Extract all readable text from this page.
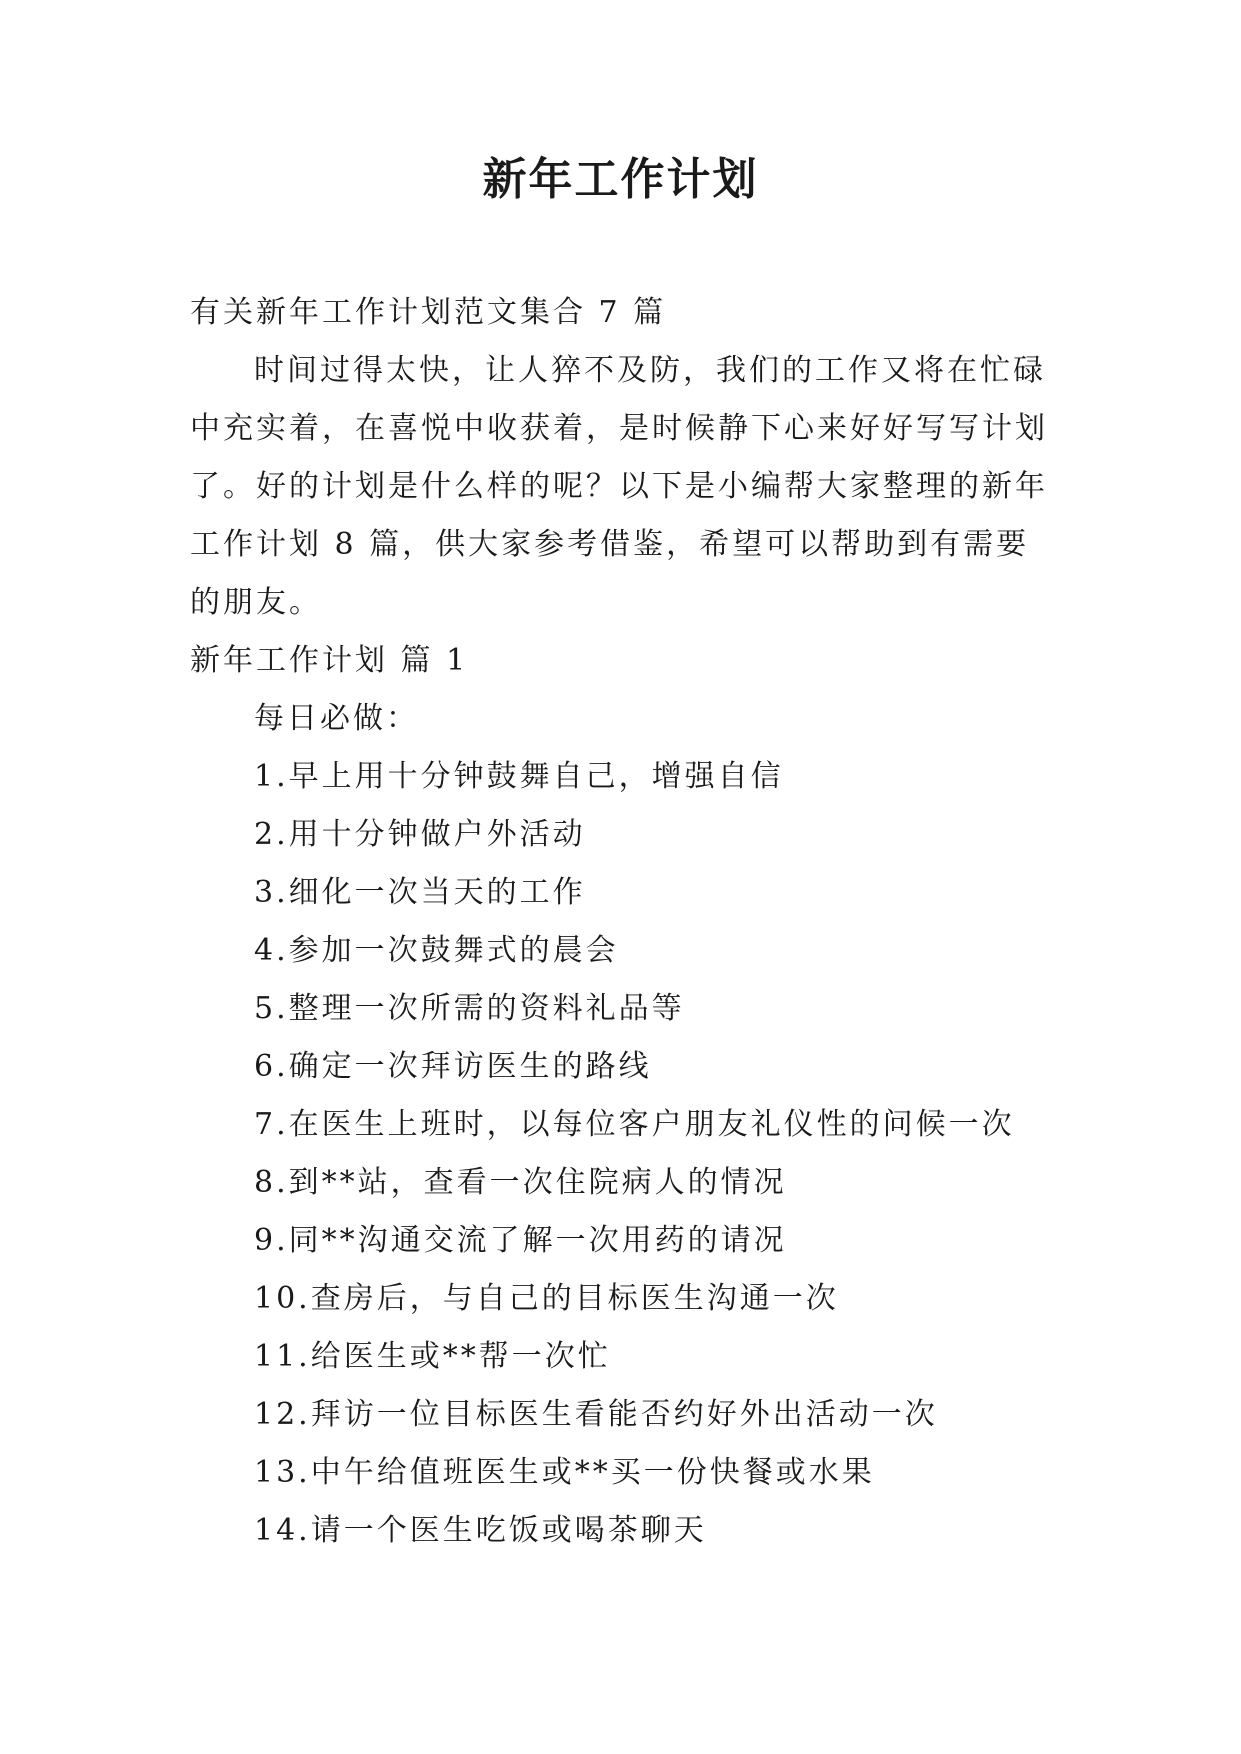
新年工作计划

有关新年工作计划范文集合 7 篇

时间过得太快，让人猝不及防，我们的工作又将在忙碌中充实着，在喜悦中收获着，是时候静下心来好好写写计划了。好的计划是什么样的呢？以下是小编帮大家整理的新年工作计划 8 篇，供大家参考借鉴，希望可以帮助到有需要的朋友。

新年工作计划 篇 1

每日必做：

1.早上用十分钟鼓舞自己，增强自信
2.用十分钟做户外活动
3.细化一次当天的工作
4.参加一次鼓舞式的晨会
5.整理一次所需的资料礼品等
6.确定一次拜访医生的路线
7.在医生上班时，以每位客户朋友礼仪性的问候一次
8.到**站，查看一次住院病人的情况
9.同**沟通交流了解一次用药的请况
10.查房后，与自己的目标医生沟通一次
11.给医生或**帮一次忙
12.拜访一位目标医生看能否约好外出活动一次
13.中午给值班医生或**买一份快餐或水果
14.请一个医生吃饭或喝茶聊天
